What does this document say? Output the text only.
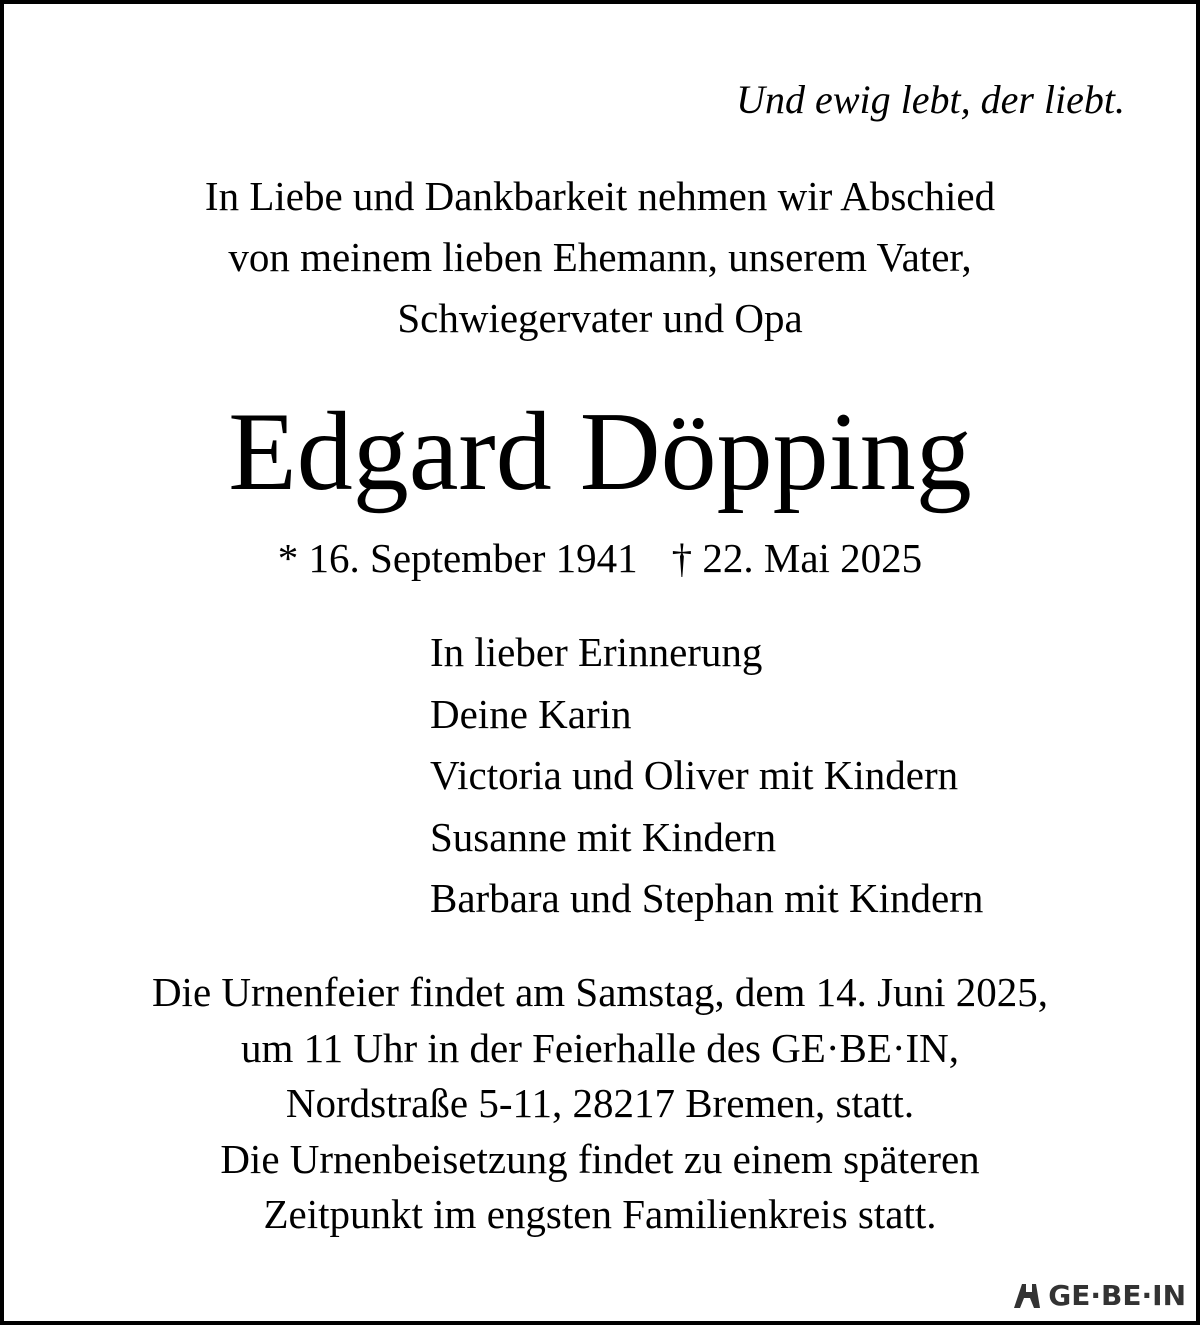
Und ewig lebt, der liebt.
In Liebe und Dankbarkeit nehmen wir Abschied
von meinem lieben Ehemann, unserem Vater,
Schwiegervater und Opa
Edgard Döpping
* 16. September 1941 † 22. Mai 2025
In lieber Erinnerung
Deine Karin
Victoria und Oliver mit Kindern
Susanne mit Kindern
Barbara und Stephan mit Kindern
Die Urnenfeier findet am Samstag, dem 14. Juni 2025,
um 11 Uhr in der Feierhalle des GE·BE·IN,
Nordstraße 5-11, 28217 Bremen, statt.
Die Urnenbeisetzung findet zu einem späteren
Zeitpunkt im engsten Familienkreis statt.
GE·BE·IN
